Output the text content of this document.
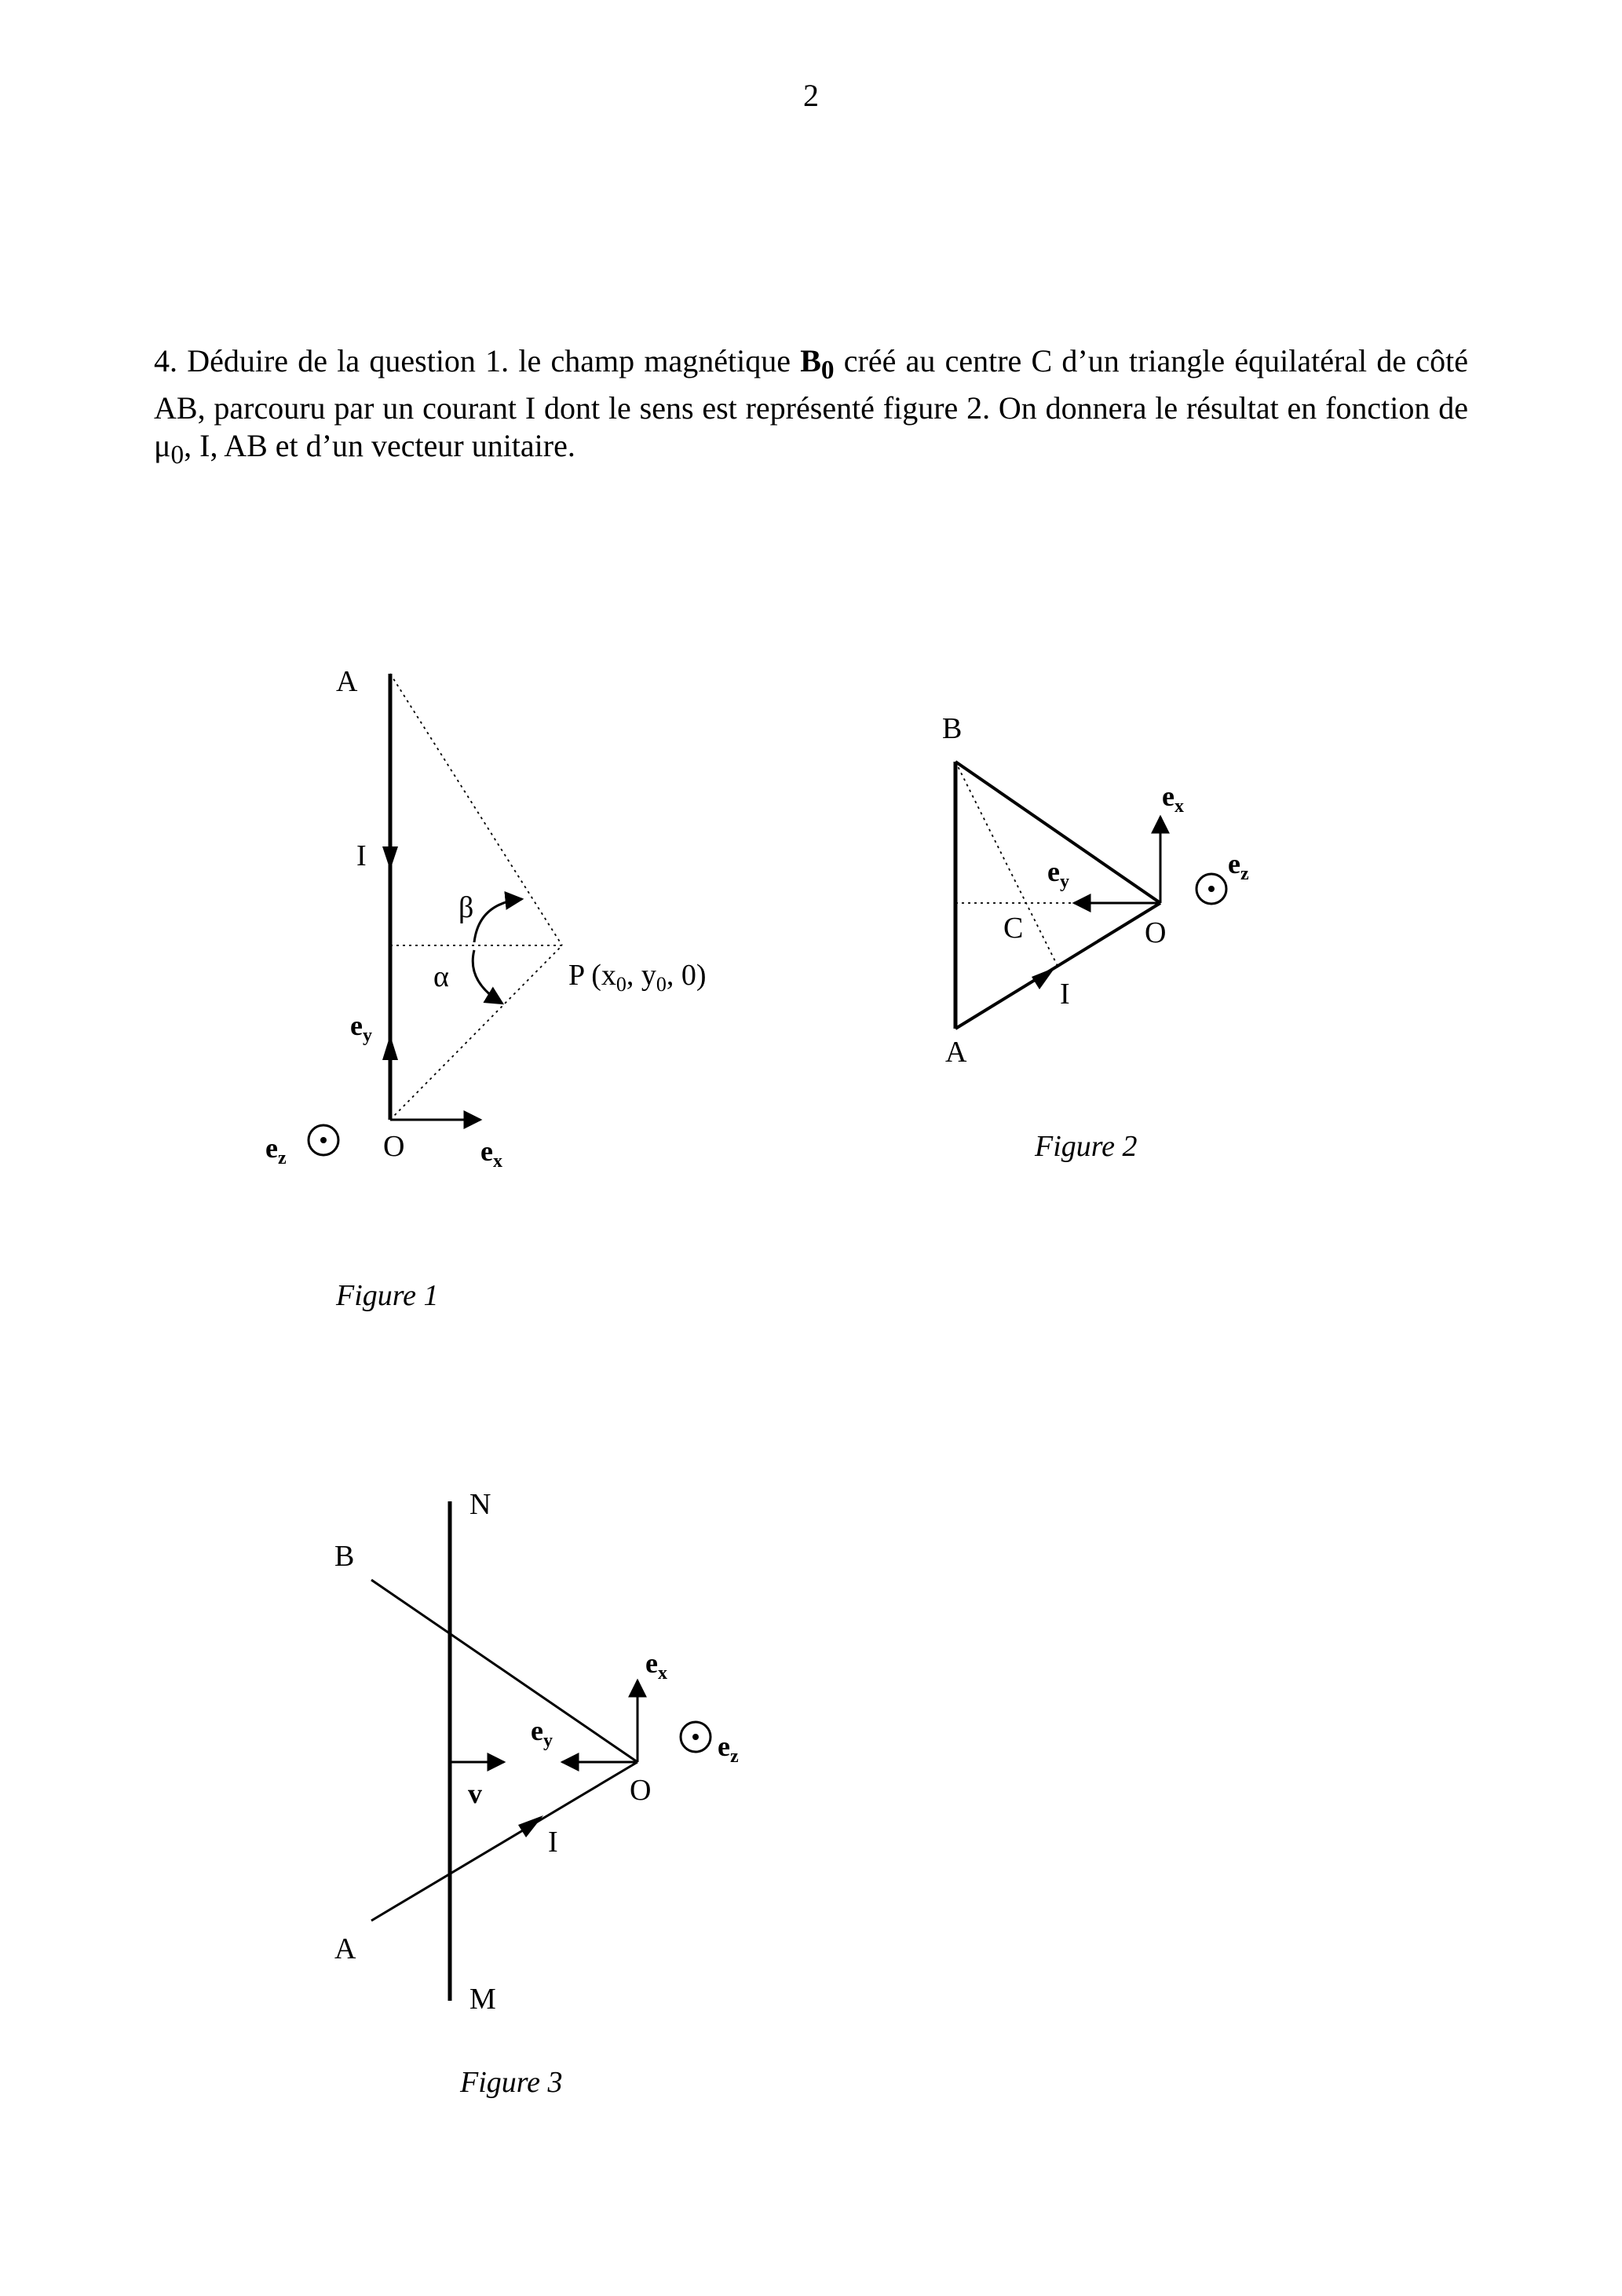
2

4. Déduire de la question 1. le champ magnétique $B_0$ créé au centre C d’un triangle équilatéral de côté AB, parcouru par un courant I dont le sens est représenté figure 2. On donnera le résultat en fonction de $\mu_0$, I, AB et d’un vecteur unitaire.

A
I
β
α	P ($x_0$, $y_0$, 0)
$e_y$
O	$e_x$
$e_z$
Figure 1
B
A
O
C
I
$e_x$
$e_y$
$e_z$
Figure 2
N
M
B
A
O
I
v
$e_x$
$e_y$	$e_z$
Figure 3
